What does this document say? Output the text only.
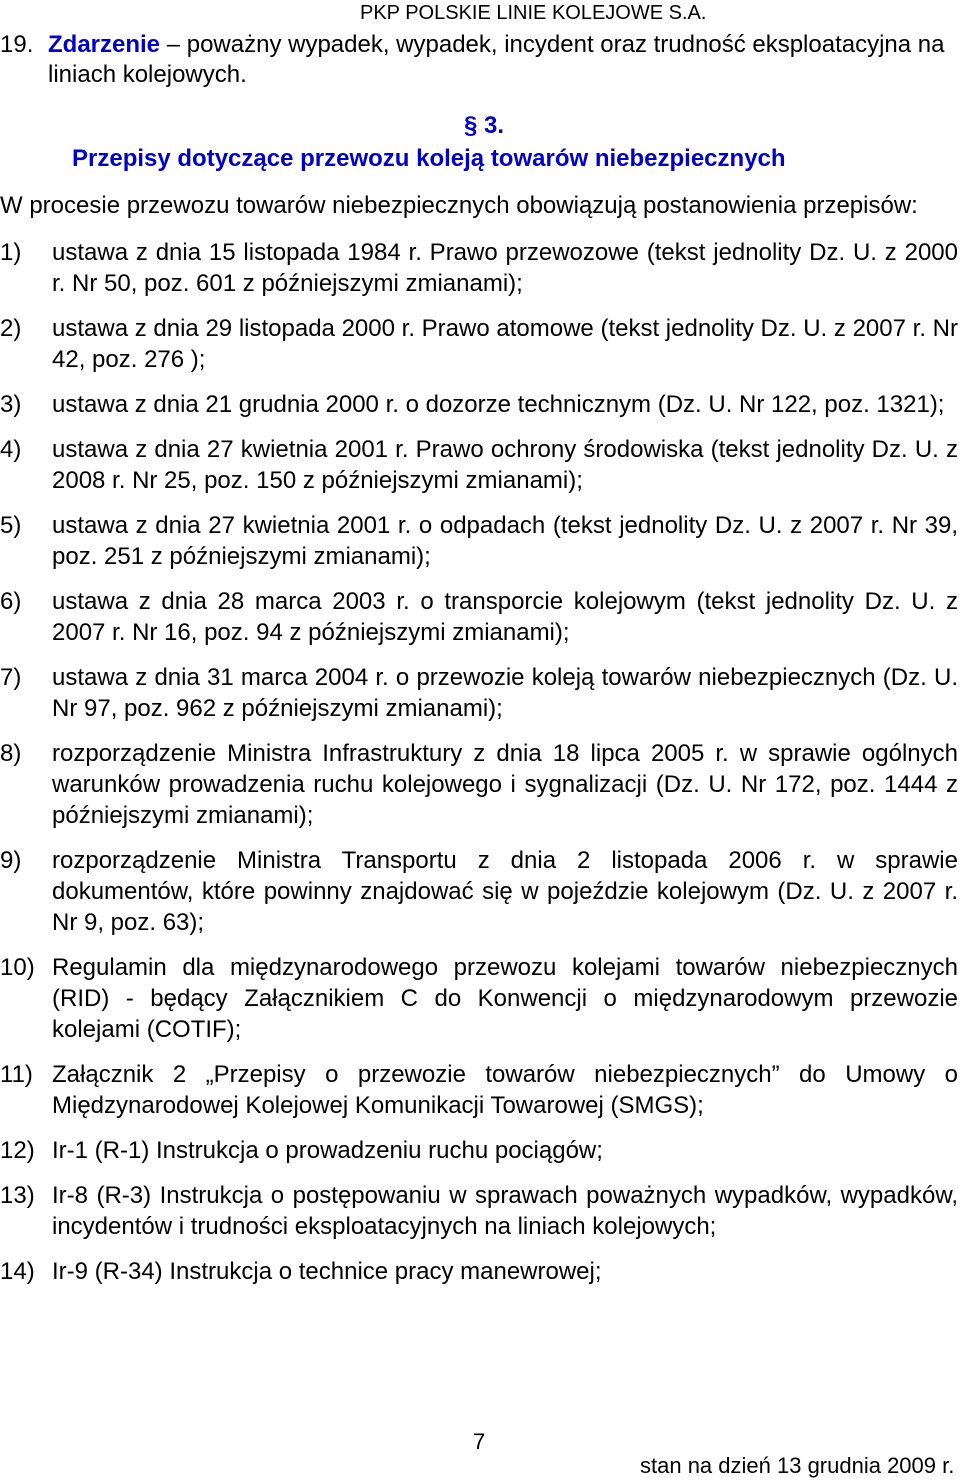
PKP POLSKIE LINIE KOLEJOWE S.A.
19. Zdarzenie – poważny wypadek, wypadek, incydent oraz trudność eksploatacyjna na liniach kolejowych.
§ 3.
Przepisy dotyczące przewozu koleją towarów niebezpiecznych
W procesie przewozu towarów niebezpiecznych obowiązują postanowienia przepisów:
1)	ustawa z dnia 15 listopada 1984 r. Prawo przewozowe (tekst jednolity Dz. U. z 2000 r. Nr 50, poz. 601 z późniejszymi zmianami);
2)	ustawa z dnia 29 listopada 2000 r. Prawo atomowe (tekst jednolity Dz. U. z 2007 r. Nr 42, poz. 276 );
3)	ustawa z dnia 21 grudnia 2000 r. o dozorze technicznym (Dz. U. Nr 122, poz. 1321);
4)	ustawa z dnia 27 kwietnia 2001 r. Prawo ochrony środowiska (tekst jednolity Dz. U. z 2008 r. Nr 25, poz. 150 z późniejszymi zmianami);
5)	ustawa z dnia 27 kwietnia 2001 r. o odpadach (tekst jednolity Dz. U. z 2007 r. Nr 39, poz. 251 z późniejszymi zmianami);
6)	ustawa z dnia 28 marca 2003 r. o transporcie kolejowym (tekst jednolity Dz. U. z 2007 r. Nr 16, poz. 94 z późniejszymi zmianami);
7)	ustawa z dnia 31 marca 2004 r. o przewozie koleją towarów niebezpiecznych (Dz. U. Nr 97, poz. 962 z późniejszymi zmianami);
8)	rozporządzenie Ministra Infrastruktury z dnia 18 lipca 2005 r. w sprawie ogólnych warunków prowadzenia ruchu kolejowego i sygnalizacji (Dz. U. Nr 172, poz. 1444 z późniejszymi zmianami);
9)	rozporządzenie Ministra Transportu z dnia 2 listopada 2006 r. w sprawie dokumentów, które powinny znajdować się w pojeździe kolejowym (Dz. U. z 2007 r. Nr 9, poz. 63);
10) Regulamin dla międzynarodowego przewozu kolejami towarów niebezpiecznych (RID) - będący Załącznikiem C do Konwencji o międzynarodowym przewozie kolejami (COTIF);
11) Załącznik 2 „Przepisy o przewozie towarów niebezpiecznych” do Umowy o Międzynarodowej Kolejowej Komunikacji Towarowej (SMGS);
12) Ir-1 (R-1) Instrukcja o prowadzeniu ruchu pociągów;
13) Ir-8 (R-3) Instrukcja o postępowaniu w sprawach poważnych wypadków, wypadków, incydentów i trudności eksploatacyjnych na liniach kolejowych;
14) Ir-9 (R-34) Instrukcja o technice pracy manewrowej;
7
stan na dzień 13 grudnia 2009 r.
